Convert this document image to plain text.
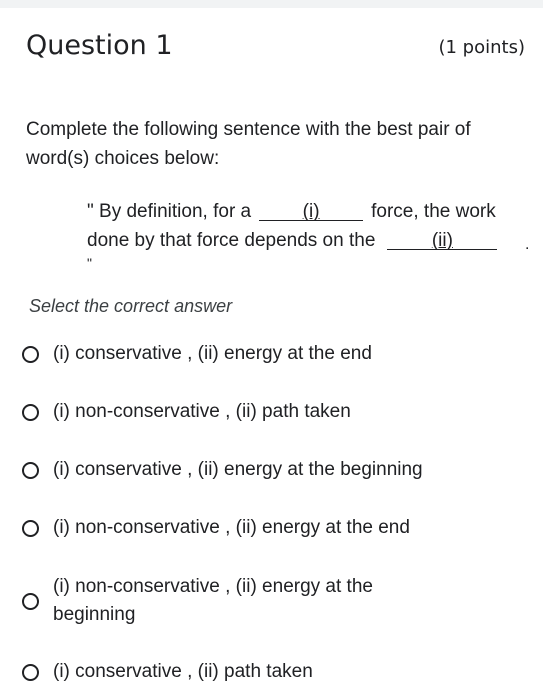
Question 1	(1 points)
Complete the following sentence with the best pair of word(s) choices below:
" By definition, for a	(i)	force, the work done by that force depends on the	(ii)	.
"
Select the correct answer
(i) conservative , (ii) energy at the end
(i) non-conservative , (ii) path taken
(i) conservative , (ii) energy at the beginning
(i) non-conservative , (ii) energy at the end
(i) non-conservative , (ii) energy at the beginning
(i) conservative , (ii) path taken
